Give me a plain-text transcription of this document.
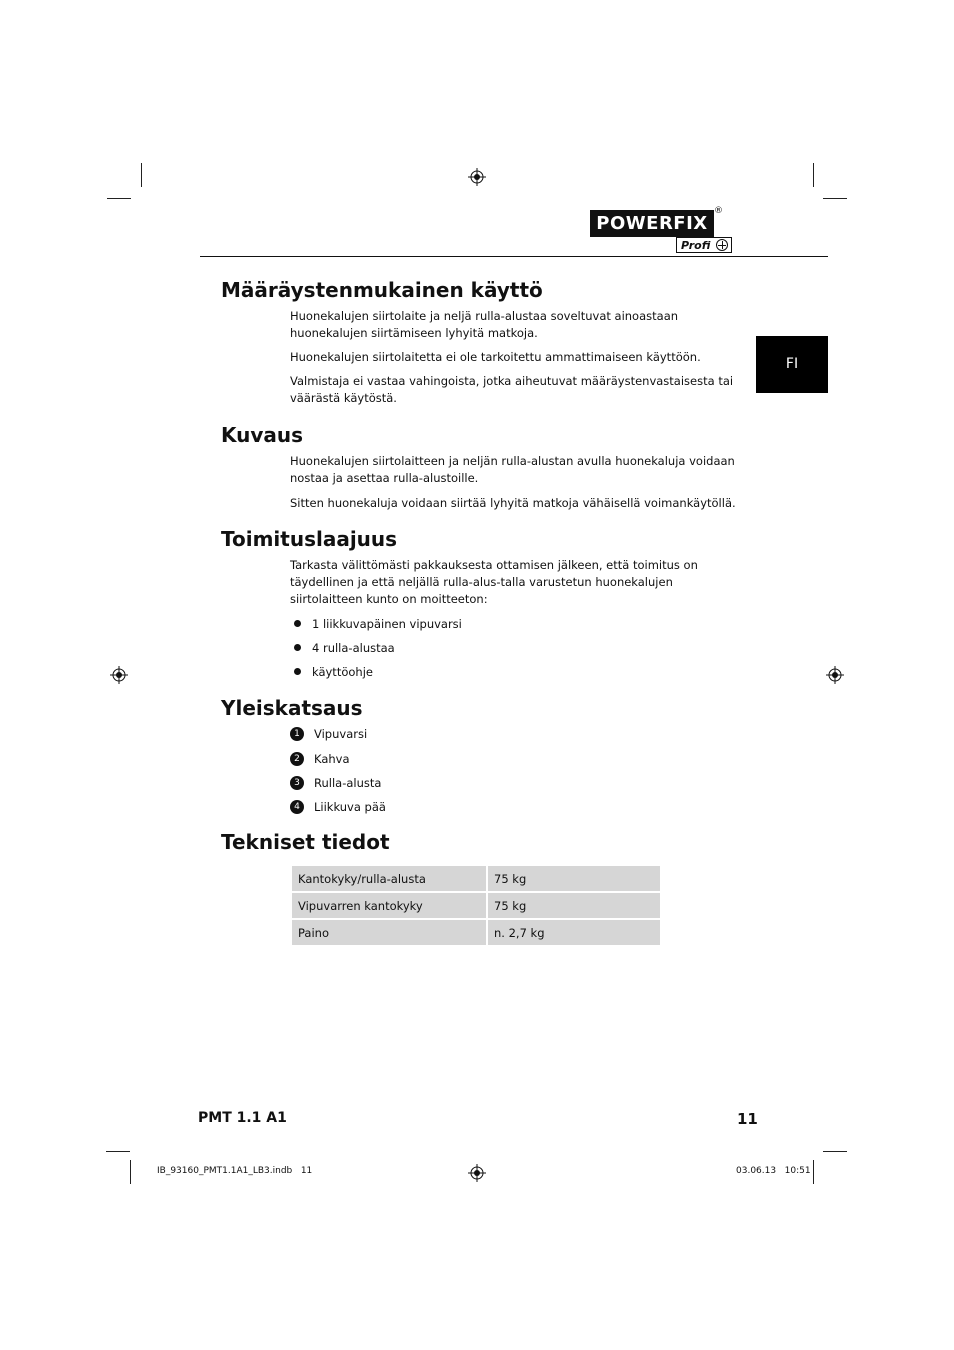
POWERFIX
®
Profi
FI
Määräystenmukainen käyttö

Huonekalujen siirtolaite ja neljä rulla-alustaa soveltuvat ainoastaan huonekalujen siirtämiseen lyhyitä matkoja.

Huonekalujen siirtolaitetta ei ole tarkoitettu ammattimaiseen käyttöön.

Valmistaja ei vastaa vahingoista, jotka aiheutuvat määräystenvastaisesta tai väärästä käytöstä.

Kuvaus

Huonekalujen siirtolaitteen ja neljän rulla-alustan avulla huonekaluja voidaan nostaa ja asettaa rulla-alustoille.

Sitten huonekaluja voidaan siirtää lyhyitä matkoja vähäisellä voimankäytöllä.

Toimituslaajuus

Tarkasta välittömästi pakkauksesta ottamisen jälkeen, että toimitus on täydellinen ja että neljällä rulla-alus-talla varustetun huonekalujen siirtolaitteen kunto on moitteeton:

1 liikkuvapäinen vipuvarsi
4 rulla-alustaa
käyttöohje
Yleiskatsaus
1	Vipuvarsi
2	Kahva
3	Rulla-alusta
4	Liikkuva pää
Tekniset tiedot
Kantokyky/rulla-alusta	75 kg
Vipuvarren kantokyky	75 kg
Paino	n. 2,7 kg
PMT 1.1 A1	11
IB_93160_PMT1.1A1_LB3.indb   11	03.06.13   10:51
